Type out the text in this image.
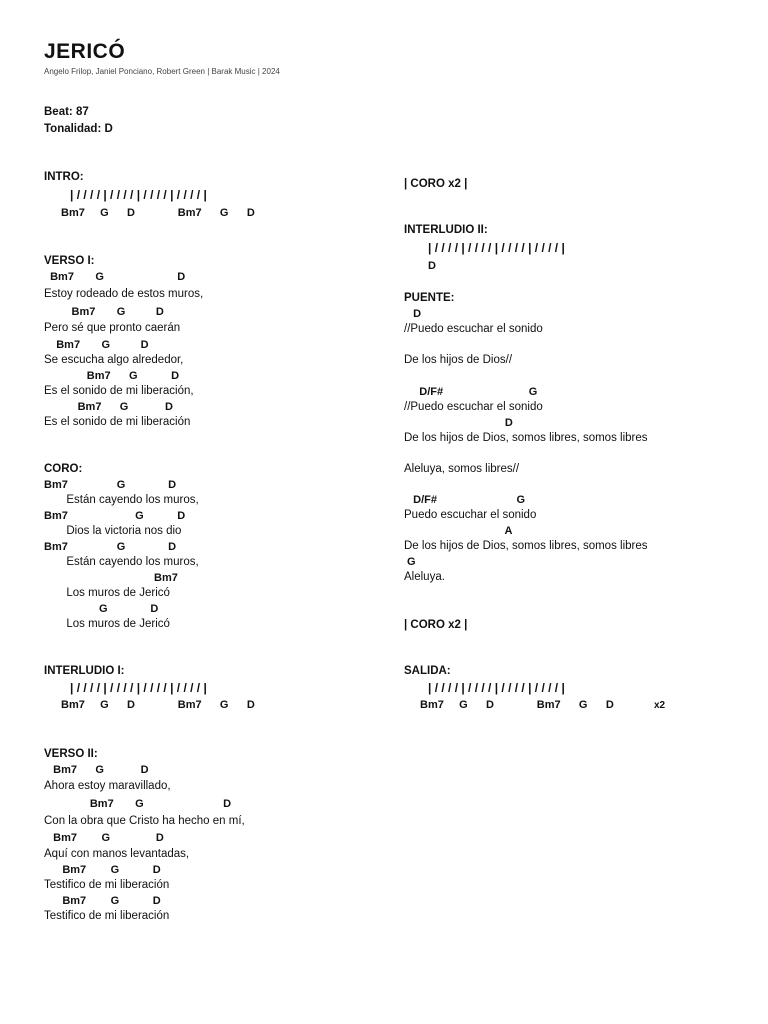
JERICÓ
Angelo Frilop, Janiel Ponciano, Robert Green | Barak Music | 2024
Beat: 87
Tonalidad: D
INTRO:
| / / / / | / / / / | / / / / | / / / / |
Bm7     G      D              Bm7      G      D
VERSO I:
Bm7       G                        D
Estoy rodeado de estos muros,
Bm7       G          D
Pero sé que pronto caerán
Bm7       G          D
Se escucha algo alrededor,
Bm7      G           D
Es el sonido de mi liberación,
Bm7      G            D
Es el sonido de mi liberación
CORO:
Bm7                G              D
Están cayendo los muros,
Bm7                      G           D
Dios la victoria nos dio
Bm7                G              D
Están cayendo los muros,
Bm7
Los muros de Jericó
G              D
Los muros de Jericó
INTERLUDIO I:
| / / / / | / / / / | / / / / | / / / / |
Bm7     G      D              Bm7      G      D
VERSO II:
Bm7      G            D
Ahora estoy maravillado,
Bm7       G                          D
Con la obra que Cristo ha hecho en mí,
Bm7        G               D
Aquí con manos levantadas,
Bm7        G           D
Testifico de mi liberación
Bm7        G           D
Testifico de mi liberación
| CORO x2 |
INTERLUDIO II:
| / / / / | / / / / | / / / / | / / / / |
D
PUENTE:
D
//Puedo escuchar el sonido
De los hijos de Dios//
D/F#                            G
//Puedo escuchar el sonido
D
De los hijos de Dios, somos libres, somos libres
Aleluya, somos libres//
D/F#                          G
Puedo escuchar el sonido
A
De los hijos de Dios, somos libres, somos libres
G
Aleluya.
| CORO x2 |
SALIDA:
| / / / / | / / / / | / / / / | / / / / |
Bm7     G      D              Bm7      G      D	x2
